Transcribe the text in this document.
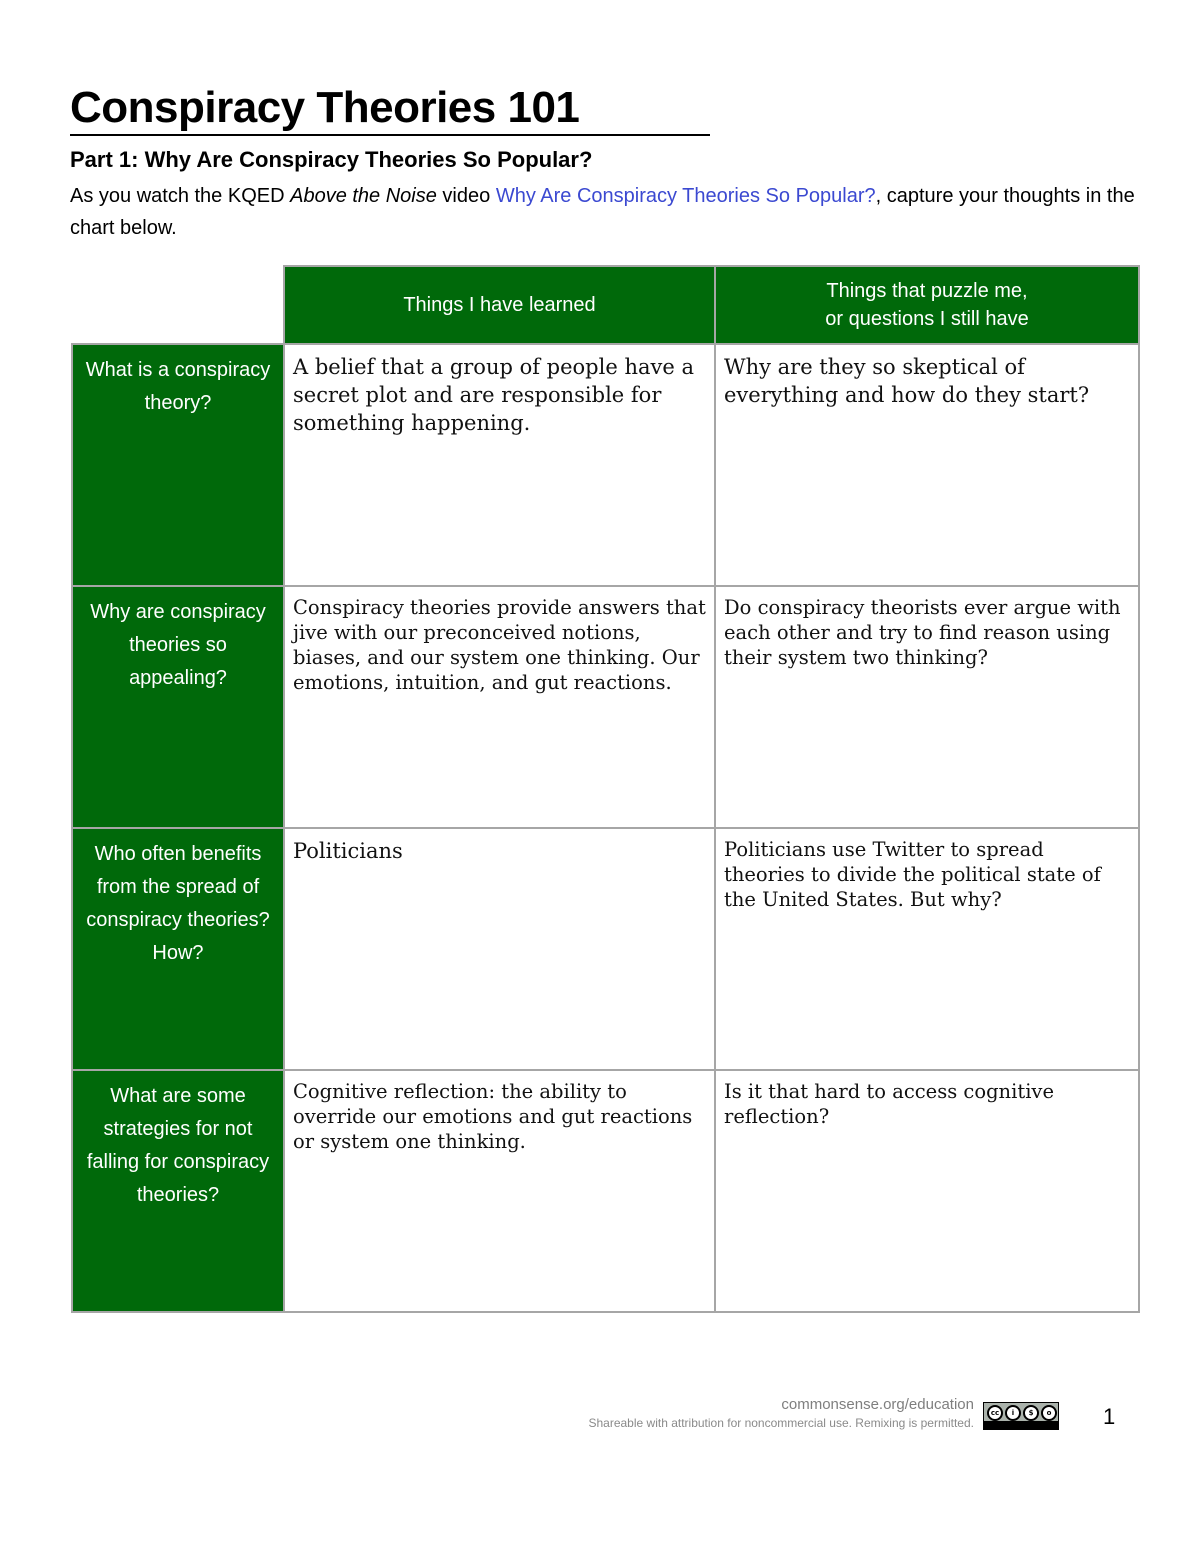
Conspiracy Theories 101
Part 1: Why Are Conspiracy Theories So Popular?

As you watch the KQED Above the Noise video Why Are Conspiracy Theories So Popular?, capture your thoughts in the chart below.

	Things I have learned	Things that puzzle me,
or questions I still have
What is a conspiracy theory?	A belief that a group of people have a secret plot and are responsible for something happening.	Why are they so skeptical of everything and how do they start?
Why are conspiracy theories so appealing?	Conspiracy theories provide answers that jive with our preconceived notions, biases, and our system one thinking. Our emotions, intuition, and gut reactions.	Do conspiracy theorists ever argue with each other and try to find reason using their system two thinking?
Who often benefits from the spread of conspiracy theories? How?	Politicians	Politicians use Twitter to spread theories to divide the political state of the United States. But why?
What are some strategies for not falling for conspiracy theories?	Cognitive reflection: the ability to override our emotions and gut reactions or system one thinking.	Is it that hard to access cognitive reflection?
commonsense.org/education
Shareable with attribution for noncommercial use. Remixing is permitted.
cc	i	$	o 1
